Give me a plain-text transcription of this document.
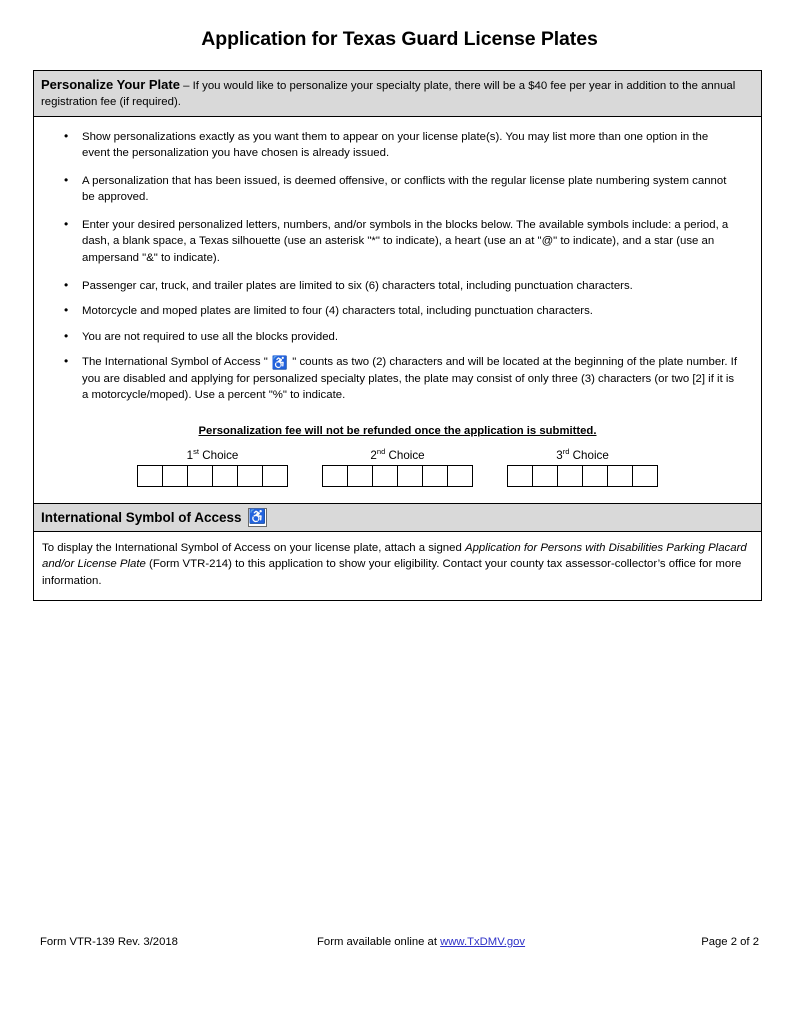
Application for Texas Guard License Plates
Personalize Your Plate – If you would like to personalize your specialty plate, there will be a $40 fee per year in addition to the annual registration fee (if required).
• Show personalizations exactly as you want them to appear on your license plate(s). You may list more than one option in the event the personalization you have chosen is already issued.
• A personalization that has been issued, is deemed offensive, or conflicts with the regular license plate numbering system cannot be approved.
• Enter your desired personalized letters, numbers, and/or symbols in the blocks below. The available symbols include: a period, a dash, a blank space, a Texas silhouette (use an asterisk "*" to indicate), a heart (use an at "@" to indicate), and a star (use an ampersand "&" to indicate).
• Passenger car, truck, and trailer plates are limited to six (6) characters total, including punctuation characters.
• Motorcycle and moped plates are limited to four (4) characters total, including punctuation characters.
• You are not required to use all the blocks provided.
• The International Symbol of Access " ♿ " counts as two (2) characters and will be located at the beginning of the plate number. If you are disabled and applying for personalized specialty plates, the plate may consist of only three (3) characters (or two [2] if it is a motorcycle/moped). Use a percent "%" to indicate.
Personalization fee will not be refunded once the application is submitted.
1st Choice	2nd Choice	3rd Choice
International Symbol of Access ♿
To display the International Symbol of Access on your license plate, attach a signed Application for Persons with Disabilities Parking Placard and/or License Plate (Form VTR-214) to this application to show your eligibility. Contact your county tax assessor-collector’s office for more information.
Form VTR-139 Rev. 3/2018	Form available online at www.TxDMV.gov	Page 2 of 2
